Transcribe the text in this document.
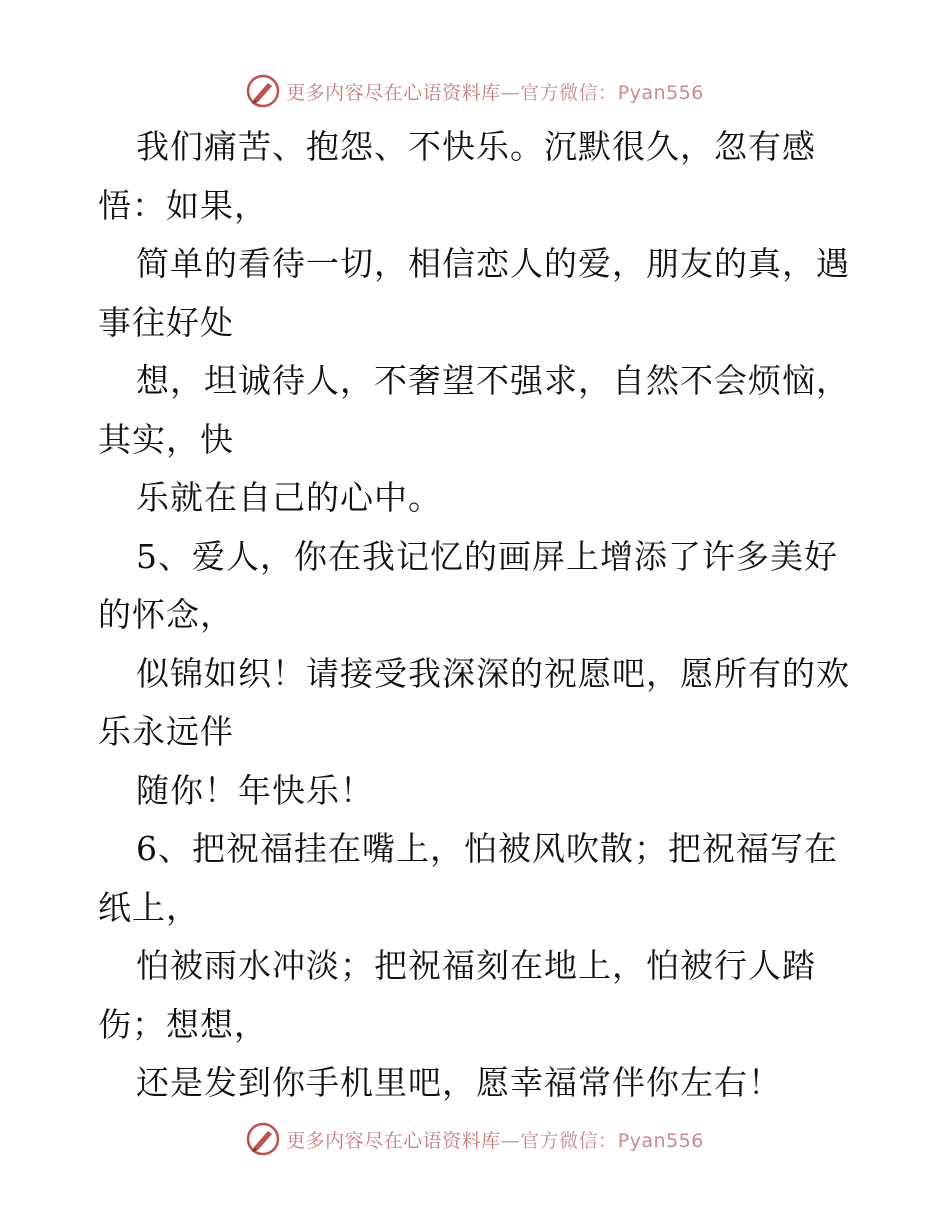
更多内容尽在心语资料库—官方微信：Pyan556
我们痛苦、抱怨、不快乐。沉默很久，忽有感
悟：如果，
简单的看待一切，相信恋人的爱，朋友的真，遇
事往好处
想，坦诚待人，不奢望不强求，自然不会烦恼，
其实，快
乐就在自己的心中。
5、爱人，你在我记忆的画屏上增添了许多美好
的怀念，
似锦如织！请接受我深深的祝愿吧，愿所有的欢
乐永远伴
随你！年快乐！
6、把祝福挂在嘴上，怕被风吹散；把祝福写在
纸上，
怕被雨水冲淡；把祝福刻在地上，怕被行人踏
伤；想想，
还是发到你手机里吧，愿幸福常伴你左右！
更多内容尽在心语资料库—官方微信：Pyan556
